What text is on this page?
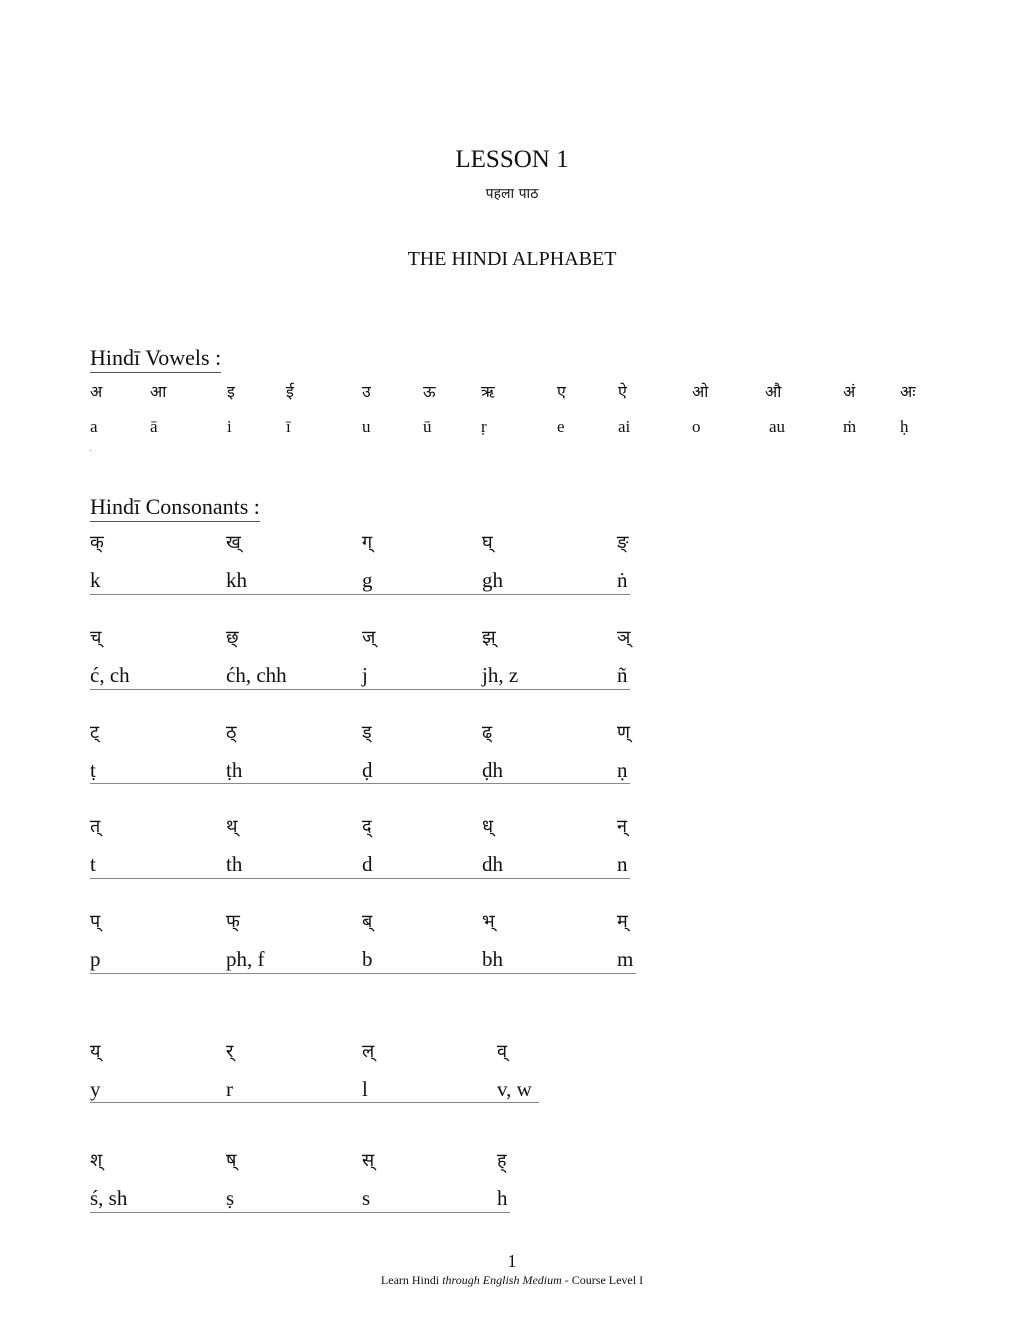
LESSON 1
पहला पाठ
THE HINDI ALPHABET
Hindī Vowels :
अ	आ	इ	ई	उ	ऊ	ऋ	ए	ऐ	ओ	औ	अं	अः
a	ā	i	ī	u	ū	ṛ	e	ai	o	au	ṁ	ḥ
Hindī Consonants :
क्	ख्	ग्	घ्	ङ्
k	kh	g	gh	ṅ
च्	छ्	ज्	झ्	ञ्
ć, ch	ćh, chh	j	jh, z	ñ
ट्	ठ्	ड्	ढ्	ण्
ṭ	ṭh	ḍ	ḍh	ṇ
त्	थ्	द्	ध्	न्
t	th	d	dh	n
प्	फ्	ब्	भ्	म्
p	ph, f	b	bh	m
य्	र्	ल्	व्
y	r	l	v, w
श्	ष्	स्	ह्
ś, sh	ṣ	s	h
1
Learn Hindi through English Medium - Course Level I
